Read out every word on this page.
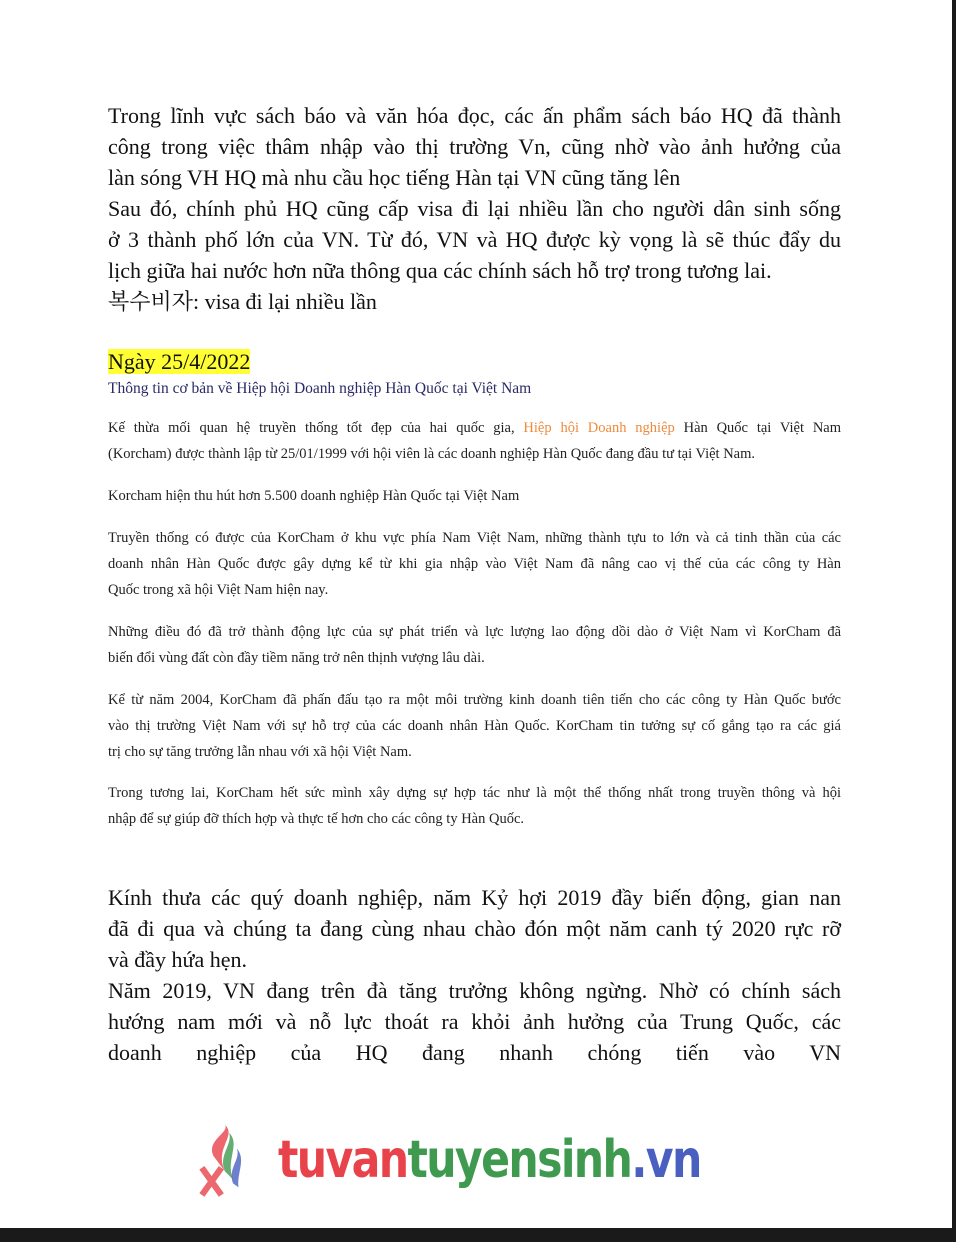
Trong lĩnh vực sách báo và văn hóa đọc, các ấn phẩm sách báo HQ đã thành
công trong việc thâm nhập vào thị trường Vn, cũng nhờ vào ảnh hưởng của
làn sóng VH HQ mà nhu cầu học tiếng Hàn tại VN cũng tăng lên
Sau đó, chính phủ HQ cũng cấp visa đi lại nhiều lần cho người dân sinh sống
ở 3 thành phố lớn của VN. Từ đó, VN và HQ được kỳ vọng là sẽ thúc đẩy du
lịch giữa hai nước hơn nữa thông qua các chính sách hỗ trợ trong tương lai.
복수비자: visa đi lại nhiều lần
Ngày 25/4/2022
Thông tin cơ bản về Hiệp hội Doanh nghiệp Hàn Quốc tại Việt Nam
Kế thừa mối quan hệ truyền thống tốt đẹp của hai quốc gia, Hiệp hội Doanh nghiệp Hàn Quốc tại Việt Nam
(Korcham) được thành lập từ 25/01/1999 với hội viên là các doanh nghiệp Hàn Quốc đang đầu tư tại Việt Nam.
Korcham hiện thu hút hơn 5.500 doanh nghiệp Hàn Quốc tại Việt Nam
Truyền thống có được của KorCham ở khu vực phía Nam Việt Nam, những thành tựu to lớn và cả tinh thần của các
doanh nhân Hàn Quốc được gây dựng kể từ khi gia nhập vào Việt Nam đã nâng cao vị thế của các công ty Hàn
Quốc trong xã hội Việt Nam hiện nay.
Những điều đó đã trở thành động lực của sự phát triển và lực lượng lao động dồi dào ở Việt Nam vì KorCham đã
biến đổi vùng đất còn đầy tiềm năng trở nên thịnh vượng lâu dài.
Kể từ năm 2004, KorCham đã phấn đấu tạo ra một môi trường kinh doanh tiên tiến cho các công ty Hàn Quốc bước
vào thị trường Việt Nam với sự hỗ trợ của các doanh nhân Hàn Quốc. KorCham tin tưởng sự cố gắng tạo ra các giá
trị cho sự tăng trưởng lẫn nhau với xã hội Việt Nam.
Trong tương lai, KorCham hết sức mình xây dựng sự hợp tác như là một thể thống nhất trong truyền thông và hội
nhập để sự giúp đỡ thích hợp và thực tế hơn cho các công ty Hàn Quốc.
Kính thưa các quý doanh nghiệp, năm Kỷ hợi 2019 đầy biến động, gian nan
đã đi qua và chúng ta đang cùng nhau chào đón một năm canh tý 2020 rực rỡ
và đầy hứa hẹn.
Năm 2019, VN đang trên đà tăng trưởng không ngừng. Nhờ có chính sách
hướng nam mới và nỗ lực thoát ra khỏi ảnh hưởng của Trung Quốc, các
doanh nghiệp của HQ đang nhanh chóng tiến vào VN
tuvantuyensinh.vn
